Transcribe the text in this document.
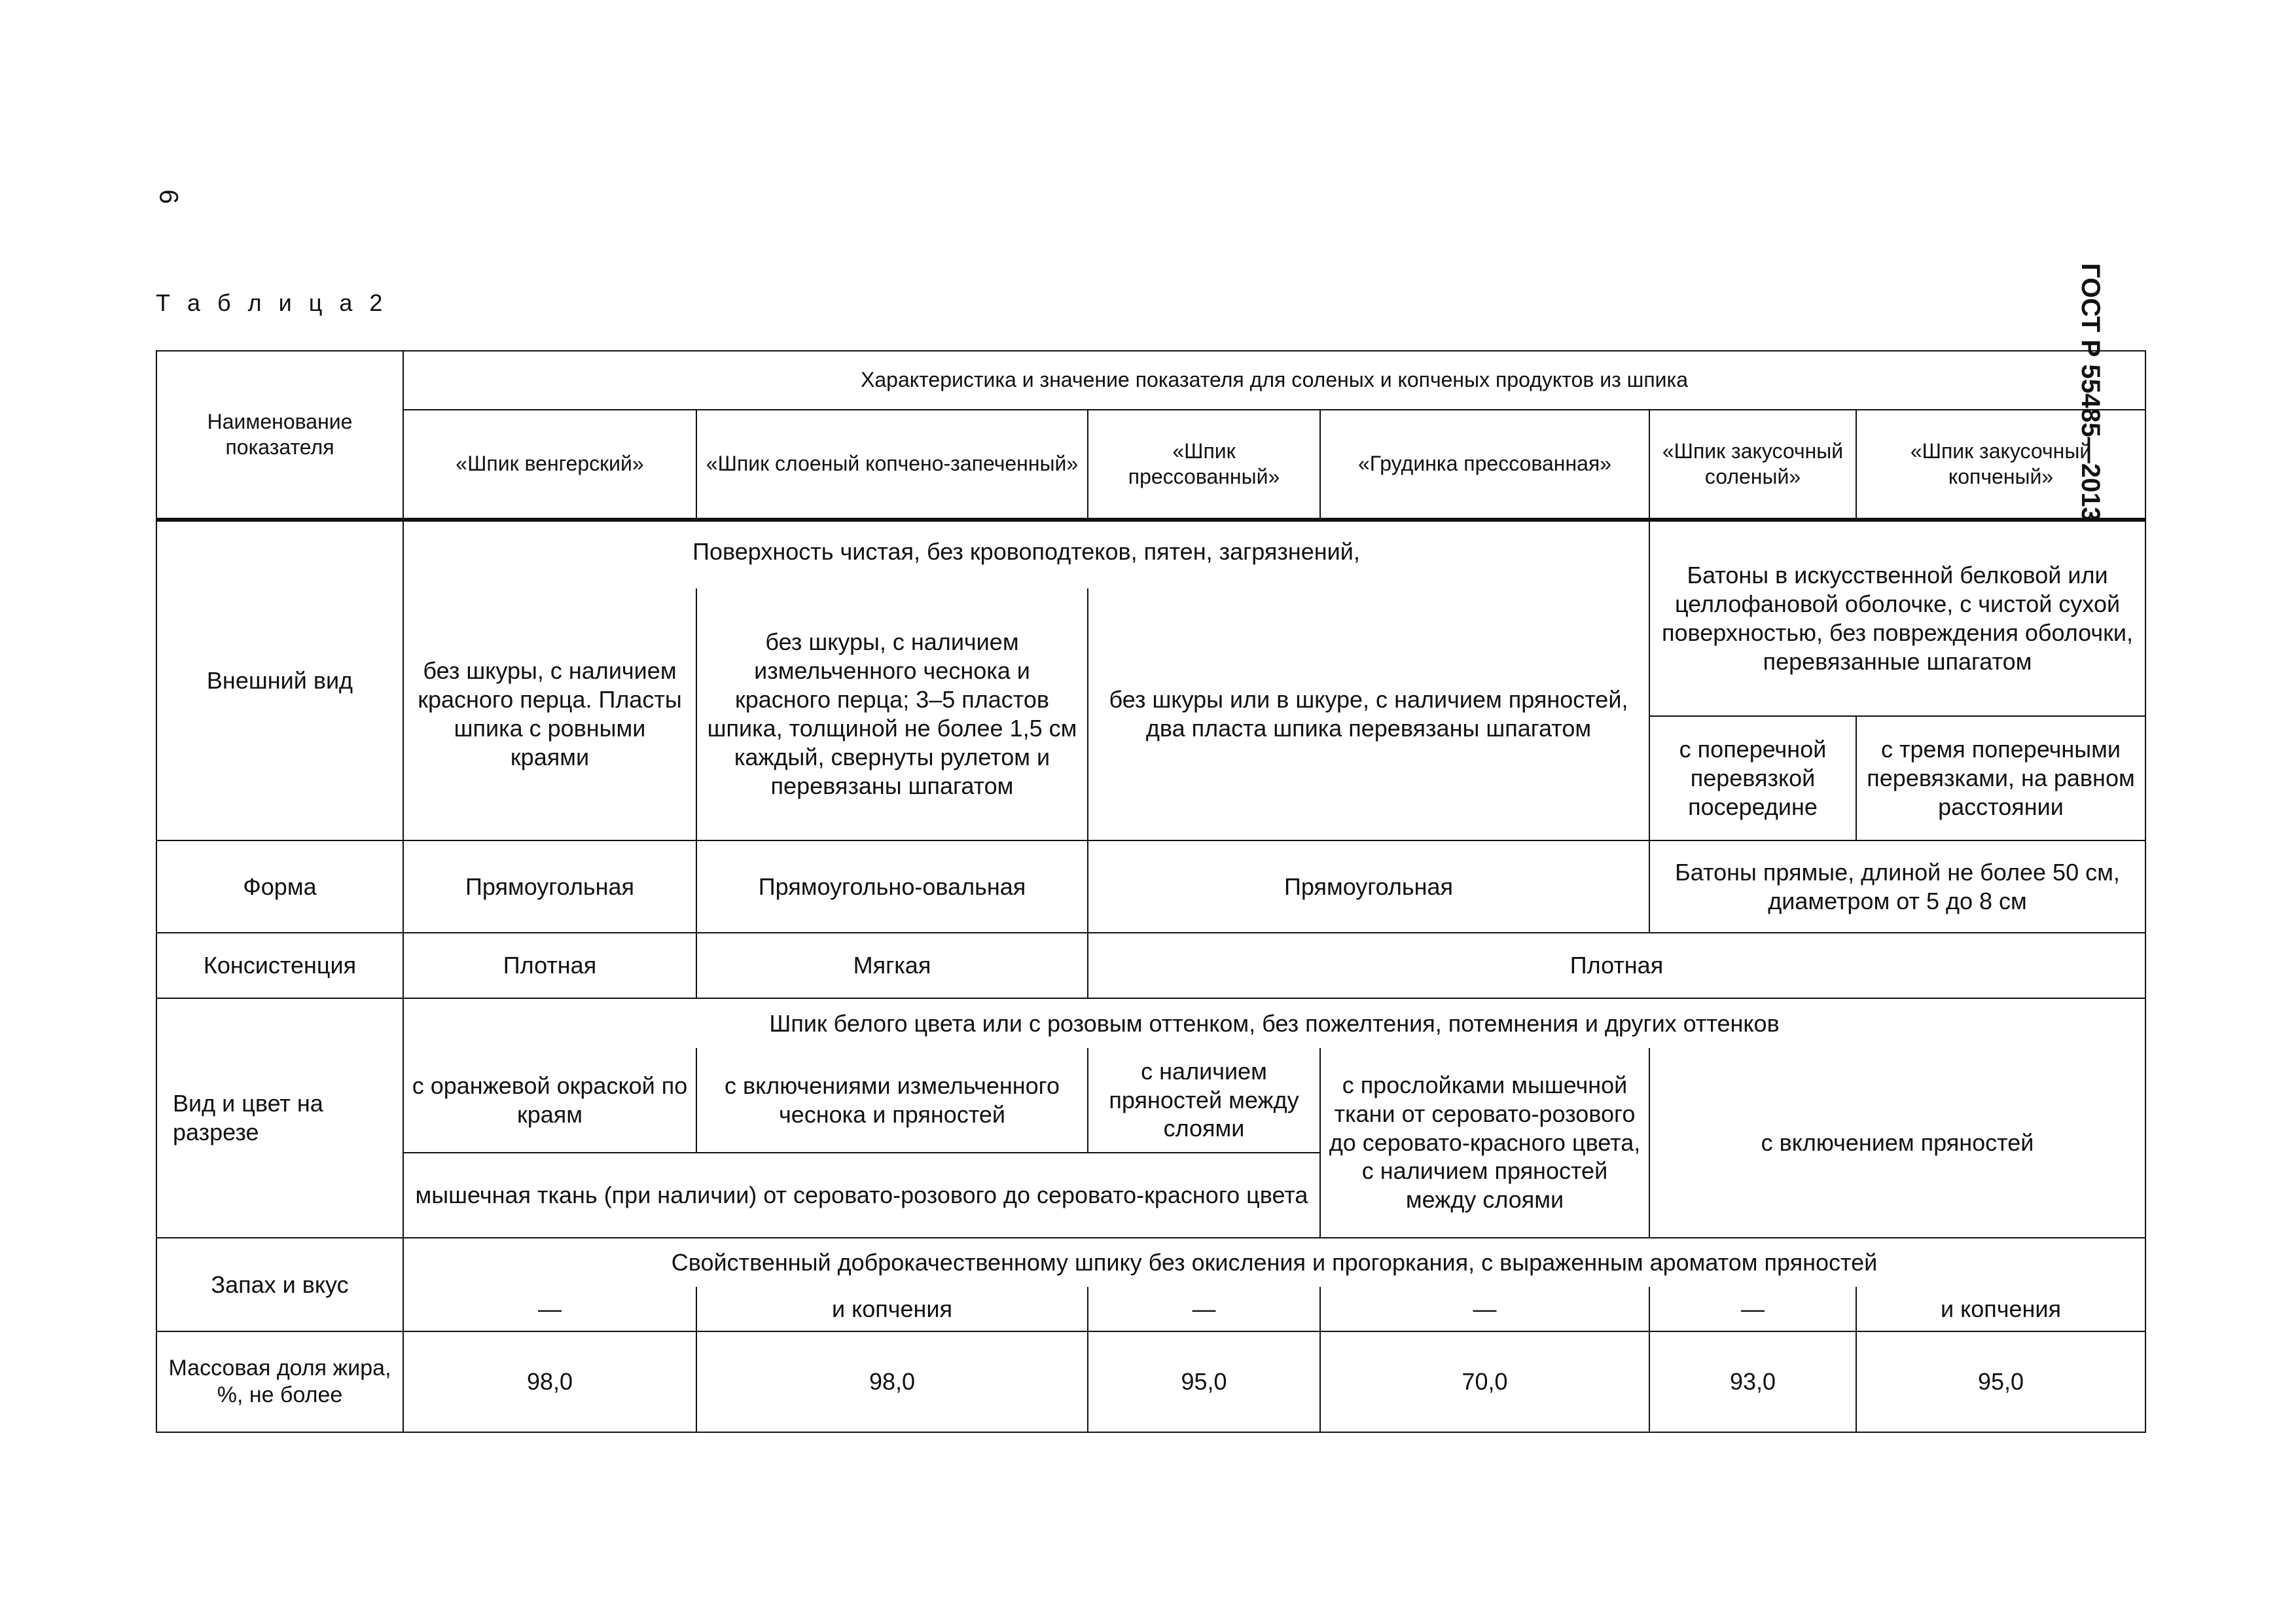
6
ГОСТ Р 55485—2013
Т а б л и ц а 2
Наименование показателя	Характеристика и значение показателя для соленых и копченых продуктов из шпика					
	«Шпик венгерский»	«Шпик слоеный копчено-запеченный»	«Шпик прессованный»	«Грудинка прессованная»	«Шпик закусочный соленый»	«Шпик закусочный копченый»
Внешний вид	Поверхность чистая, без кровоподтеков, пятен, загрязнений,				Батоны в искусственной белковой или целлофановой оболочке, с чистой сухой поверхностью, без повреждения оболочки, перевязанные шпагатом	
	без шкуры, с наличием красного перца. Пласты шпика с ровными краями	без шкуры, с наличием измельченного чеснока и красного перца; 3–5 пластов шпика, толщиной не более 1,5 см каждый, свернуты рулетом и перевязаны шпагатом	без шкуры или в шкуре, с наличием пряностей, два пласта шпика перевязаны шпагатом			
					с поперечной перевязкой посередине	с тремя поперечными перевязками, на равном расстоянии
Форма	Прямоугольная	Прямоугольно-овальная	Прямоугольная		Батоны прямые, длиной не более 50 см, диаметром от 5 до 8 см	
Консистенция	Плотная	Мягкая	Плотная			
Вид и цвет на разрезе	Шпик белого цвета или с розовым оттенком, без пожелтения, потемнения и других оттенков					
	с оранжевой окраской по краям	с включениями измельченного чеснока и пряностей	с наличием пряностей между слоями	с прослойками мышечной ткани от серовато-розового до серовато-красного цвета, с наличием пряностей между слоями	с включением пряностей	
	мышечная ткань (при наличии) от серовато-розового до серовато-красного цвета					
Запах и вкус	Свойственный доброкачественному шпику без окисления и прогоркания, с выраженным ароматом пряностей					
	—	и копчения	—	—	—	и копчения
Массовая доля жира, %, не более	98,0	98,0	95,0	70,0	93,0	95,0
